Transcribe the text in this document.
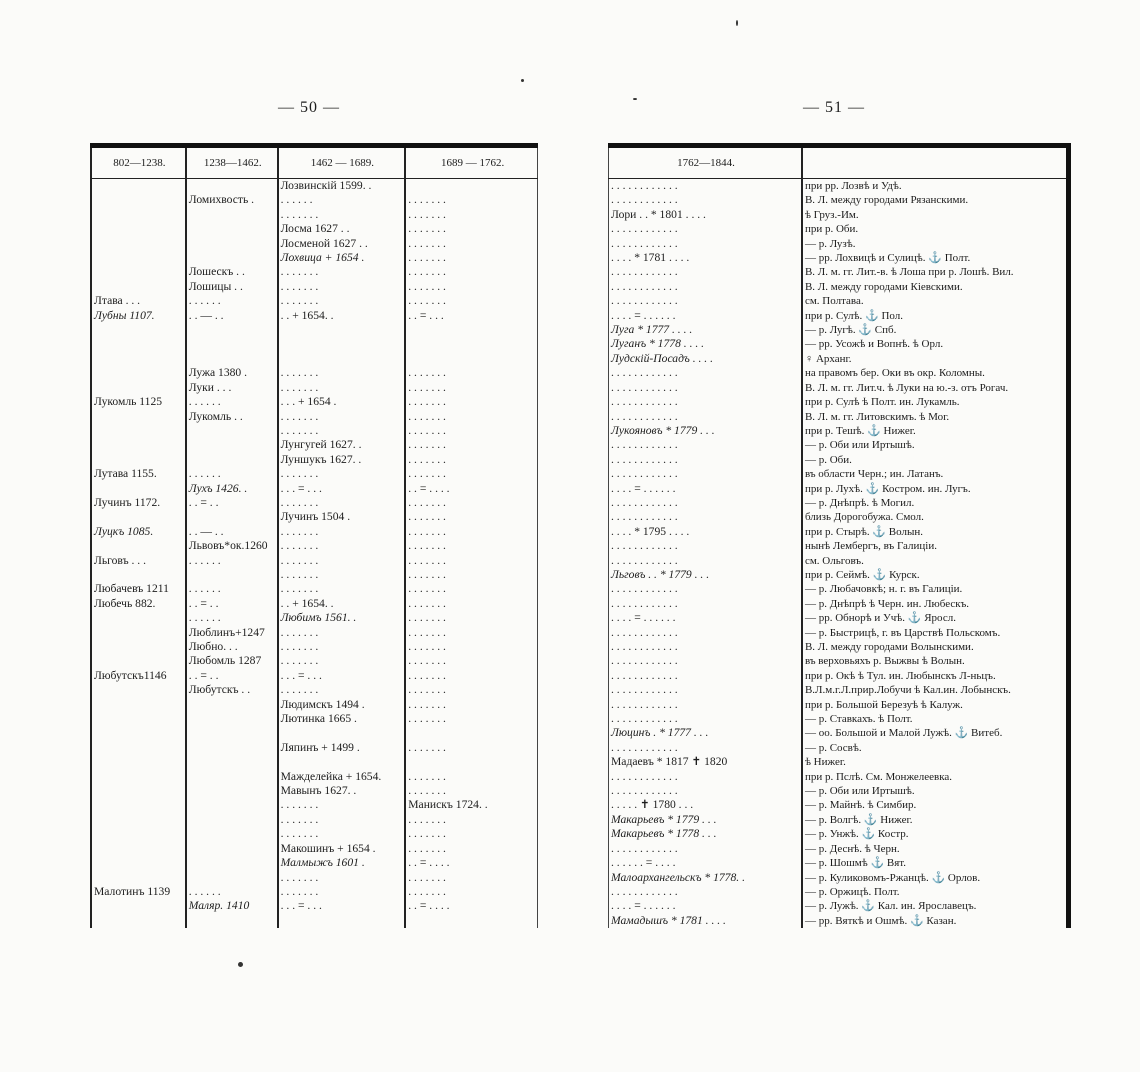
— 50 —	— 51 —
802—1238.	1238—1462.	1462 — 1689.	1689 — 1762.
		Лозвинскій 1599. .	
	Ломихвость .	. . . . . .	. . . . . . .
		. . . . . . .	. . . . . . .
		Лосма 1627 . .	. . . . . . .
		Лосменой 1627 . .	. . . . . . .
		Лохвица + 1654 .	. . . . . . .
	Лошескъ . .	. . . . . . .	. . . . . . .
	Лошицы . .	. . . . . . .	. . . . . . .
Лтава . . .	. . . . . .	. . . . . . .	. . . . . . .
Лубны 1107.	. . — . .	. . + 1654. .	. . = . . .

	Лужа 1380 .	. . . . . . .	. . . . . . .
	Луки . . .	. . . . . . .	. . . . . . .
Лукомль 1125	. . . . . .	. . . + 1654 .	. . . . . . .
	Лукомль . .	. . . . . . .	. . . . . . .
		. . . . . . .	. . . . . . .
		Лунгугей 1627. .	. . . . . . .
		Луншукъ 1627. .	. . . . . . .
Лутава 1155.	. . . . . .	. . . . . . .	. . . . . . .
	Лухъ 1426. .	. . . = . . .	. . = . . . .
Лучинъ 1172.	. . = . .	. . . . . . .	. . . . . . .
		Лучинъ 1504 .	. . . . . . .
Луцкъ 1085.	. . — . .	. . . . . . .	. . . . . . .
	Львовъ*ок.1260	. . . . . . .	. . . . . . .
Льговъ . . .	. . . . . .	. . . . . . .	. . . . . . .
		. . . . . . .	. . . . . . .
Любачевъ 1211	. . . . . .	. . . . . . .	. . . . . . .
Любечь 882.	. . = . .	. . + 1654. .	. . . . . . .
	. . . . . .	Любимъ 1561. .	. . . . . . .
	Люблинъ+1247	. . . . . . .	. . . . . . .
	Любно. . .	. . . . . . .	. . . . . . .
	Любомль 1287	. . . . . . .	. . . . . . .
Любутскъ1146	. . = . .	. . . = . . .	. . . . . . .
	Любутскъ . .	. . . . . . .	. . . . . . .
		Людимскъ 1494 .	. . . . . . .
		Лютинка 1665 .	. . . . . . .

		Ляпинъ + 1499 .	. . . . . . .

		Мажделейка + 1654.	. . . . . . .
		Мавынъ 1627. .	. . . . . . .
		. . . . . . .	Манискъ 1724. .
		. . . . . . .	. . . . . . .
		. . . . . . .	. . . . . . .
		Макошинъ + 1654 .	. . . . . . .
		Малмыжъ 1601 .	. . = . . . .
		. . . . . . .	. . . . . . .
Малотинъ 1139	. . . . . .	. . . . . . .	. . . . . . .
	Маляр. 1410	. . . = . . .	. . = . . . .

1762—1844.	
. . . . . . . . . . . .	при рр. Лозвѣ и Удѣ.
. . . . . . . . . . . .	В. Л. между городами Рязанскими.
Лори . . * 1801 . . . .	ѣ Груз.-Им.
. . . . . . . . . . . .	при р. Оби.
. . . . . . . . . . . .	— р. Лузѣ.
. . . . * 1781 . . . .	— рр. Лохвицѣ и Сулицѣ. ⚓ Полт.
. . . . . . . . . . . .	В. Л. м. гг. Лит.-в. ѣ Лоша при р. Лошѣ. Вил.
. . . . . . . . . . . .	В. Л. между городами Кіевскими.
. . . . . . . . . . . .	см. Полтава.
. . . . = . . . . . .	при р. Сулѣ. ⚓ Пол.
Луга * 1777 . . . .	— р. Лугѣ. ⚓ Спб.
Луганъ * 1778 . . . .	— рр. Усожѣ и Вопнѣ. ѣ Орл.
Лудскій-Посадъ . . . .	♀ Арханг.
. . . . . . . . . . . .	на правомъ бер. Оки въ окр. Коломны.
. . . . . . . . . . . .	В. Л. м. гг. Лит.ч. ѣ Луки на ю.-з. отъ Рогач.
. . . . . . . . . . . .	при р. Сулѣ ѣ Полт. ин. Лукамль.
. . . . . . . . . . . .	В. Л. м. гг. Литовскимъ. ѣ Мог.
Лукояновъ * 1779 . . .	при р. Тешѣ. ⚓ Нижег.
. . . . . . . . . . . .	— р. Оби или Иртышѣ.
. . . . . . . . . . . .	— р. Оби.
. . . . . . . . . . . .	въ области Черн.; ин. Латанъ.
. . . . = . . . . . .	при р. Лухѣ. ⚓ Костром. ин. Лугъ.
. . . . . . . . . . . .	— р. Днѣпрѣ. ѣ Могил.
. . . . . . . . . . . .	близь Дорогобужа. Смол.
. . . . * 1795 . . . .	при р. Стырѣ. ⚓ Волын.
. . . . . . . . . . . .	нынѣ Лембергъ, въ Галиціи.
. . . . . . . . . . . .	см. Ольговъ.
Льговъ . . * 1779 . . .	при р. Сеймѣ. ⚓ Курск.
. . . . . . . . . . . .	— р. Любачовкѣ; н. г. въ Галиціи.
. . . . . . . . . . . .	— р. Днѣпрѣ ѣ Черн. ин. Любескъ.
. . . . = . . . . . .	— рр. Обнорѣ и Учѣ. ⚓ Яросл.
. . . . . . . . . . . .	— р. Быстрицѣ, г. въ Царствѣ Польскомъ.
. . . . . . . . . . . .	В. Л. между городами Волынскими.
. . . . . . . . . . . .	въ верховьяхъ р. Выжвы ѣ Волын.
. . . . . . . . . . . .	при р. Окѣ ѣ Тул. ин. Любынскъ Л-ньцъ.
. . . . . . . . . . . .	В.Л.м.г.Л.прир.Лобучи ѣ Кал.ин. Лобынскъ.
. . . . . . . . . . . .	при р. Большой Березуѣ ѣ Калуж.
. . . . . . . . . . . .	— р. Ставкахъ. ѣ Полт.
Люцинъ . * 1777 . . .	— оо. Большой и Малой Лужѣ. ⚓ Витеб.
. . . . . . . . . . . .	— р. Сосвѣ.
Мадаевъ * 1817 ✝ 1820	ѣ Нижег.
. . . . . . . . . . . .	при р. Пслѣ. См. Монжелеевка.
. . . . . . . . . . . .	— р. Оби или Иртышѣ.
. . . . . ✝ 1780 . . .	— р. Майнѣ. ѣ Симбир.
Макарьевъ * 1779 . . .	— р. Волгѣ. ⚓ Нижег.
Макарьевъ * 1778 . . .	— р. Унжѣ. ⚓ Костр.
. . . . . . . . . . . .	— р. Деснѣ. ѣ Черн.
. . . . . . = . . . .	— р. Шошмѣ ⚓ Вят.
Малоархангельскъ * 1778. .	— р. Куликовомъ-Ржанцѣ. ⚓ Орлов.
. . . . . . . . . . . .	— р. Оржицѣ. Полт.
. . . . = . . . . . .	— р. Лужѣ. ⚓ Кал. ин. Ярославецъ.
Мамадышъ * 1781 . . . .	— рр. Вяткѣ и Ошмѣ. ⚓ Казан.
